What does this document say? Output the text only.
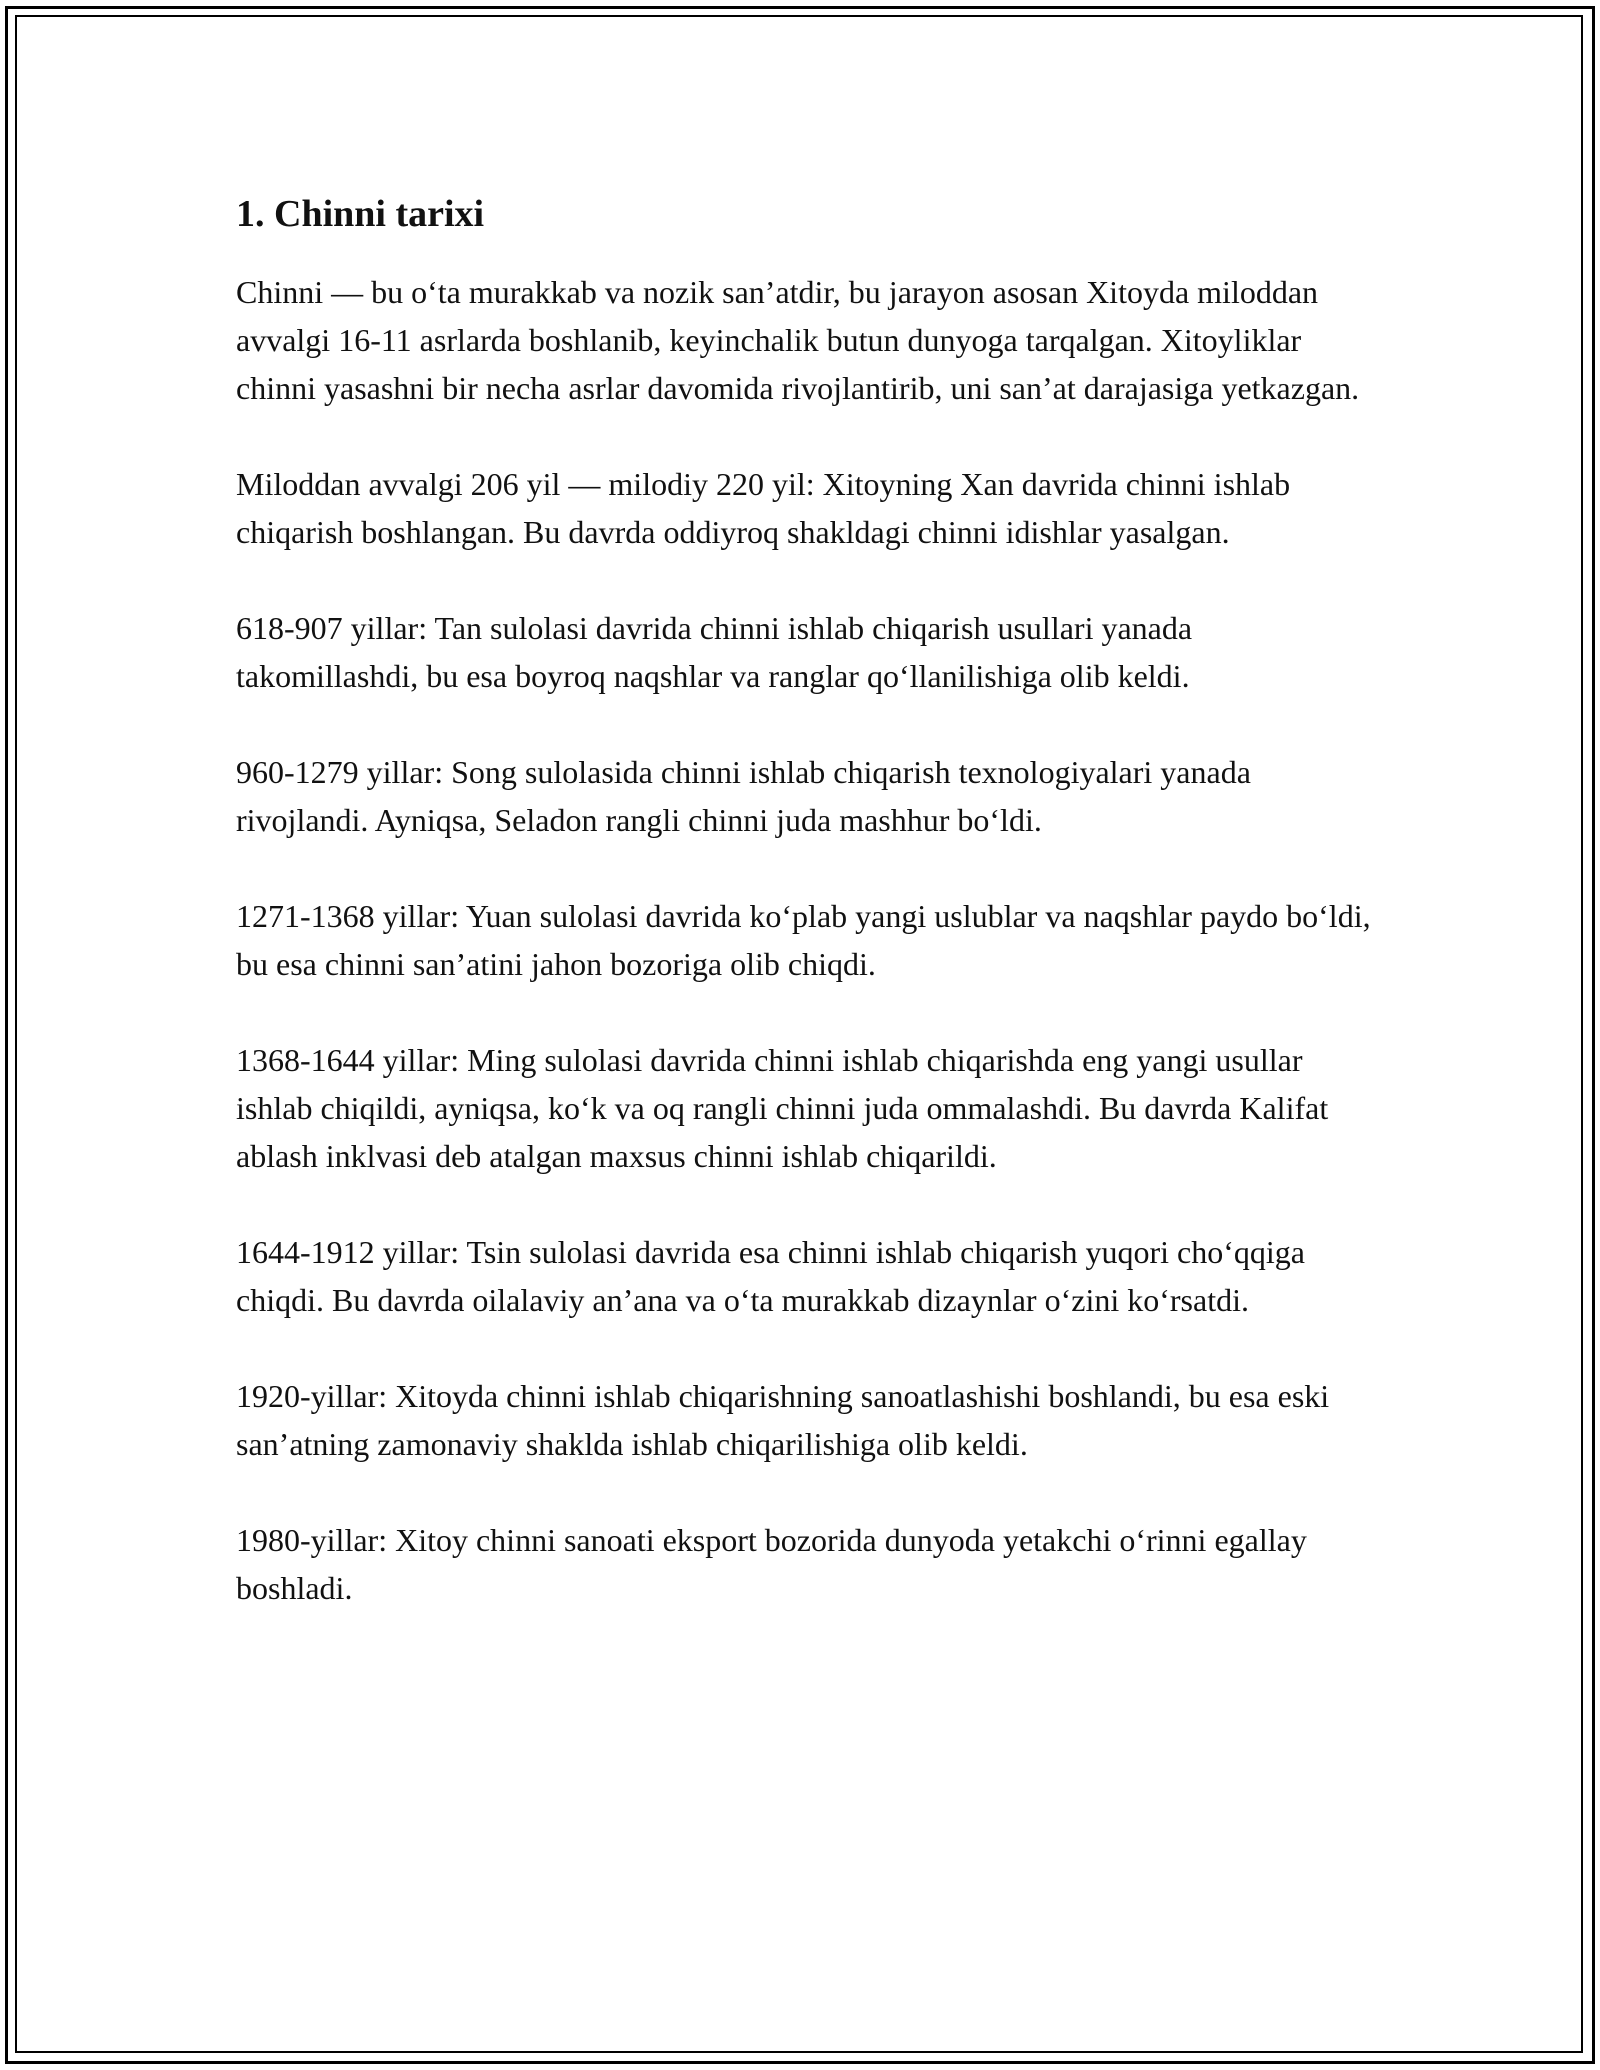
1. Chinni tarixi

Chinni — bu o‘ta murakkab va nozik san’atdir, bu jarayon asosan Xitoyda miloddan avvalgi 16-11 asrlarda boshlanib, keyinchalik butun dunyoga tarqalgan. Xitoyliklar chinni yasashni bir necha asrlar davomida rivojlantirib, uni san’at darajasiga yetkazgan.

Miloddan avvalgi 206 yil — milodiy 220 yil: Xitoyning Xan davrida chinni ishlab chiqarish boshlangan. Bu davrda oddiyroq shakldagi chinni idishlar yasalgan.

618-907 yillar: Tan sulolasi davrida chinni ishlab chiqarish usullari yanada takomillashdi, bu esa boyroq naqshlar va ranglar qo‘llanilishiga olib keldi.

960-1279 yillar: Song sulolasida chinni ishlab chiqarish texnologiyalari yanada rivojlandi. Ayniqsa, Seladon rangli chinni juda mashhur bo‘ldi.

1271-1368 yillar: Yuan sulolasi davrida ko‘plab yangi uslublar va naqshlar paydo bo‘ldi, bu esa chinni san’atini jahon bozoriga olib chiqdi.

1368-1644 yillar: Ming sulolasi davrida chinni ishlab chiqarishda eng yangi usullar ishlab chiqildi, ayniqsa, ko‘k va oq rangli chinni juda ommalashdi. Bu davrda Kalifat ablash inklvasi deb atalgan maxsus chinni ishlab chiqarildi.

1644-1912 yillar: Tsin sulolasi davrida esa chinni ishlab chiqarish yuqori cho‘qqiga chiqdi. Bu davrda oilalaviy an’ana va o‘ta murakkab dizaynlar o‘zini ko‘rsatdi.

1920-yillar: Xitoyda chinni ishlab chiqarishning sanoatlashishi boshlandi, bu esa eski san’atning zamonaviy shaklda ishlab chiqarilishiga olib keldi.

1980-yillar: Xitoy chinni sanoati eksport bozorida dunyoda yetakchi o‘rinni egallay boshladi.
